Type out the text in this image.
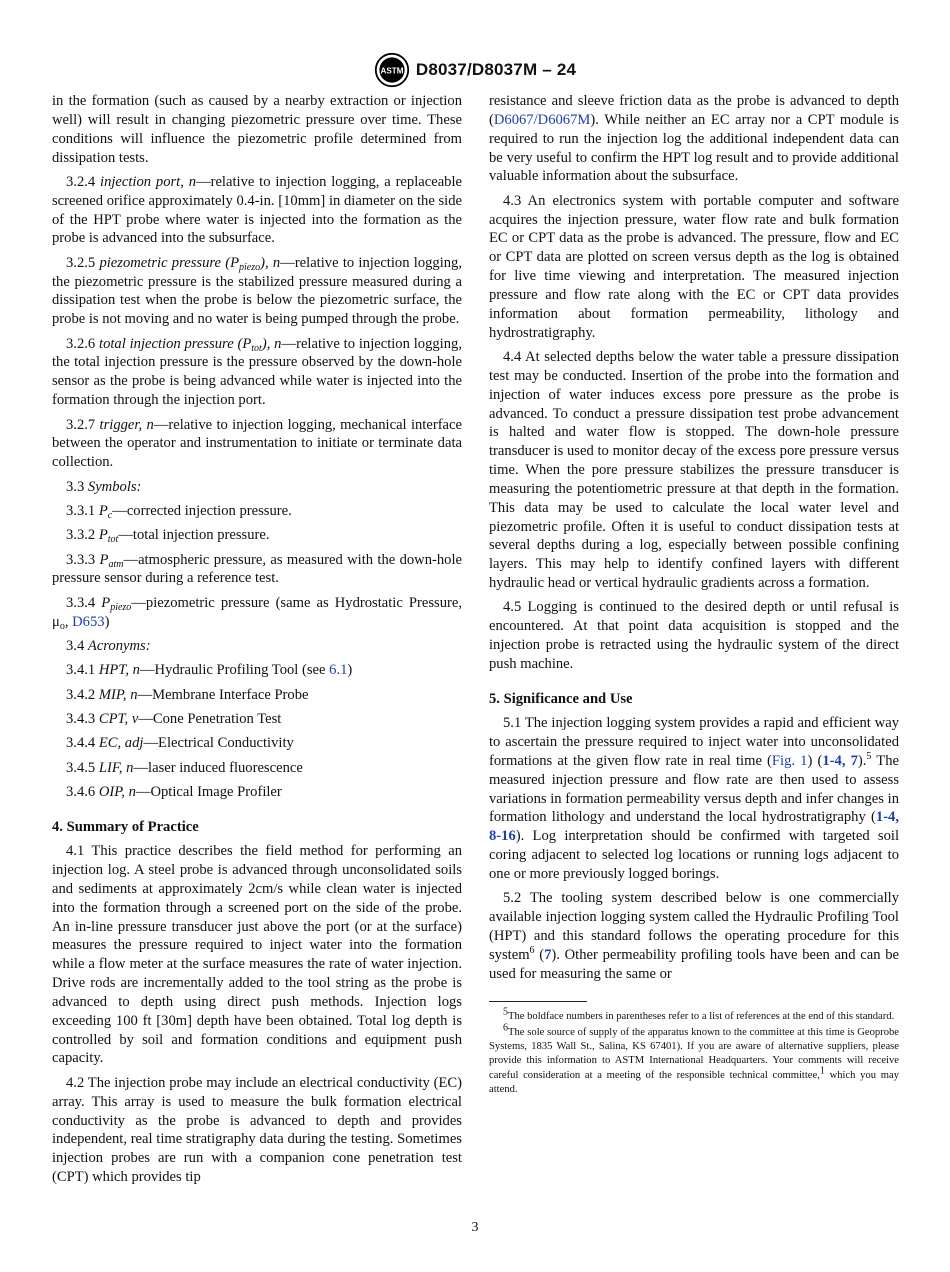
ASTM D8037/D8037M – 24

in the formation (such as caused by a nearby extraction or injection well) will result in changing piezometric pressure over time. These conditions will influence the piezometric profile determined from dissipation tests.

3.2.4 injection port, n—relative to injection logging, a replaceable screened orifice approximately 0.4-in. [10mm] in diameter on the side of the HPT probe where water is injected into the formation as the probe is advanced into the subsurface.

3.2.5 piezometric pressure $(P_{piezo})$, n—relative to injection logging, the piezometric pressure is the stabilized pressure measured during a dissipation test when the probe is below the piezometric surface, the probe is not moving and no water is being pumped through the probe.

3.2.6 total injection pressure $(P_{tot})$, n—relative to injection logging, the total injection pressure is the pressure observed by the down-hole sensor as the probe is being advanced while water is injected into the formation through the injection port.

3.2.7 trigger, n—relative to injection logging, mechanical interface between the operator and instrumentation to initiate or terminate data collection.

3.3 Symbols:

3.3.1 $P_c—corrected$ injection pressure.

3.3.2 $P_{tot}—total$ injection pressure.

3.3.3 $P_{atm}—atmospheric$ pressure, as measured with the down-hole pressure sensor during a reference test.

3.3.4 $P_{piezo}—piezometric$ pressure (same as Hydrostatic Pressure, $\mu_o$, D653)

3.4 Acronyms:

3.4.1 HPT, n—Hydraulic Profiling Tool (see 6.1)

3.4.2 MIP, n—Membrane Interface Probe

3.4.3 CPT, v—Cone Penetration Test

3.4.4 EC, adj—Electrical Conductivity

3.4.5 LIF, n—laser induced fluorescence

3.4.6 OIP, n—Optical Image Profiler

4. Summary of Practice

4.1 This practice describes the field method for performing an injection log. A steel probe is advanced through unconsolidated soils and sediments at approximately 2cm/s while clean water is injected into the formation through a screened port on the side of the probe. An in-line pressure transducer just above the port (or at the surface) measures the pressure required to inject water into the formation while a flow meter at the surface measures the rate of water injection. Drive rods are incrementally added to the tool string as the probe is advanced to depth using direct push methods. Injection logs exceeding 100 ft [30m] depth have been obtained. Total log depth is controlled by soil and formation conditions and equipment push capacity.

4.2 The injection probe may include an electrical conductivity (EC) array. This array is used to measure the bulk formation electrical conductivity as the probe is advanced to depth and provides independent, real time stratigraphy data during the testing. Sometimes injection probes are run with a companion cone penetration test (CPT) which provides tip

resistance and sleeve friction data as the probe is advanced to depth (D6067/D6067M). While neither an EC array nor a CPT module is required to run the injection log the additional independent data can be very useful to confirm the HPT log result and to provide additional valuable information about the subsurface.

4.3 An electronics system with portable computer and software acquires the injection pressure, water flow rate and bulk formation EC or CPT data as the probe is advanced. The pressure, flow and EC or CPT data are plotted on screen versus depth as the log is obtained for live time viewing and interpretation. The measured injection pressure and flow rate along with the EC or CPT data provides information about formation permeability, lithology and hydrostratigraphy.

4.4 At selected depths below the water table a pressure dissipation test may be conducted. Insertion of the probe into the formation and injection of water induces excess pore pressure as the probe is advanced. To conduct a pressure dissipation test probe advancement is halted and water flow is stopped. The down-hole pressure transducer is used to monitor decay of the excess pore pressure versus time. When the pore pressure stabilizes the pressure transducer is measuring the potentiometric pressure at that depth in the formation. This data may be used to calculate the local water level and piezometric profile. Often it is useful to conduct dissipation tests at several depths during a log, especially between possible confining layers. This may help to identify confined layers with different hydraulic head or vertical hydraulic gradients across a formation.

4.5 Logging is continued to the desired depth or until refusal is encountered. At that point data acquisition is stopped and the injection probe is retracted using the hydraulic system of the direct push machine.

5. Significance and Use

5.1 The injection logging system provides a rapid and efficient way to ascertain the pressure required to inject water into unconsolidated formations at the given flow rate in real time (Fig. 1) (1-4, 7).$^5$ The measured injection pressure and flow rate are then used to assess variations in formation permeability versus depth and infer changes in formation lithology and understand the local hydrostratigraphy (1-4, 8-16). Log interpretation should be confirmed with targeted soil coring adjacent to selected log locations or running logs adjacent to one or more previously logged borings.

5.2 The tooling system described below is one commercially available injection logging system called the Hydraulic Profiling Tool (HPT) and this standard follows the operating procedure for this system$^6$ (7). Other permeability profiling tools have been and can be used for measuring the same or

$^5$The boldface numbers in parentheses refer to a list of references at the end of this standard.

$^6$The sole source of supply of the apparatus known to the committee at this time is Geoprobe Systems, 1835 Wall St., Salina, KS 67401). If you are aware of alternative suppliers, please provide this information to ASTM International Headquarters. Your comments will receive careful consideration at a meeting of the responsible technical committee,$^1$ which you may attend.

3
